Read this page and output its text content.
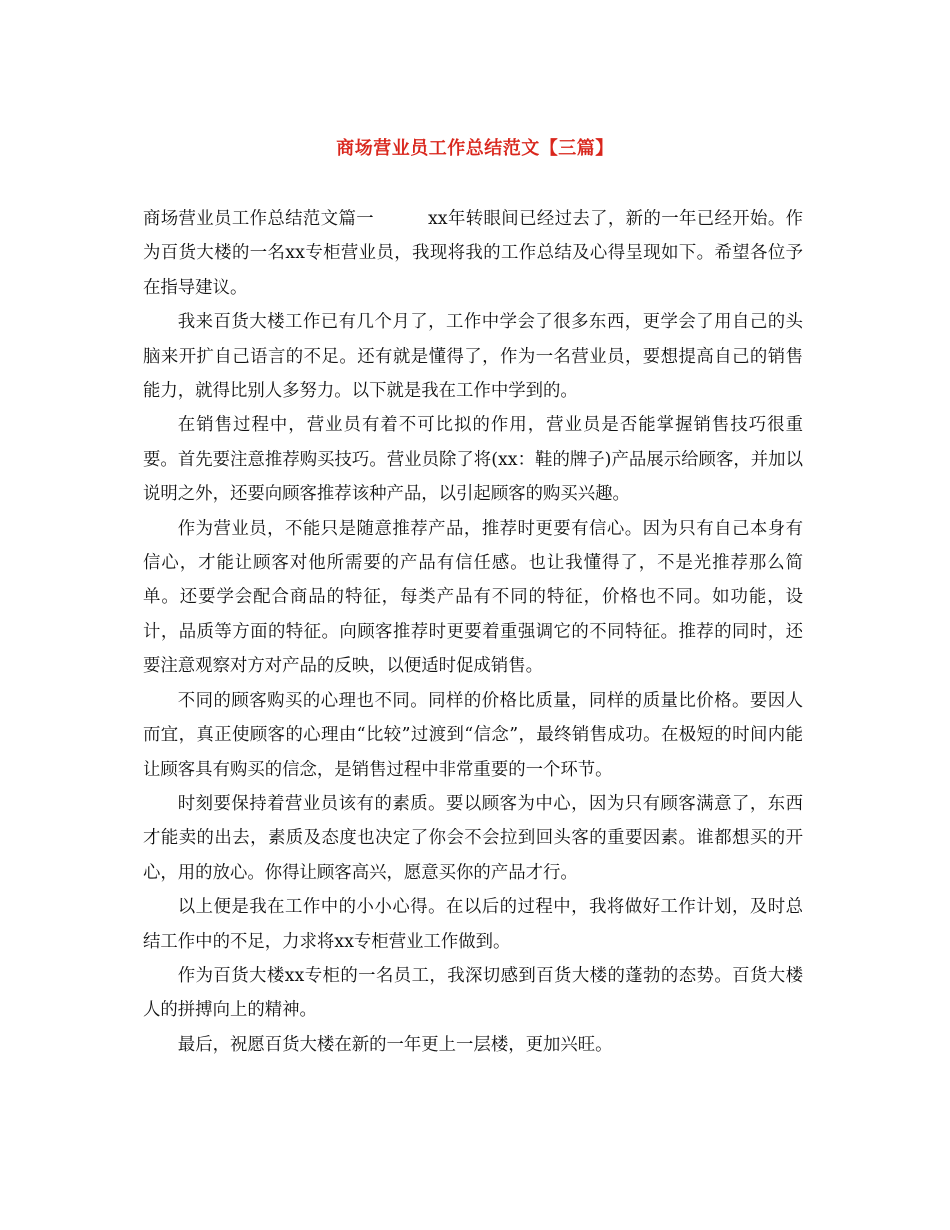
商场营业员工作总结范文【三篇】

商场营业员工作总结范文篇一	xx年转眼间已经过去了，新的一年已经开始。作为百货大楼的一名xx专柜营业员，我现将我的工作总结及心得呈现如下。希望各位予在指导建议。

我来百货大楼工作已有几个月了，工作中学会了很多东西，更学会了用自己的头脑来开扩自己语言的不足。还有就是懂得了，作为一名营业员，要想提高自己的销售能力，就得比别人多努力。以下就是我在工作中学到的。

在销售过程中，营业员有着不可比拟的作用，营业员是否能掌握销售技巧很重要。首先要注意推荐购买技巧。营业员除了将(xx：鞋的牌子)产品展示给顾客，并加以说明之外，还要向顾客推荐该种产品，以引起顾客的购买兴趣。

作为营业员，不能只是随意推荐产品，推荐时更要有信心。因为只有自己本身有信心，才能让顾客对他所需要的产品有信任感。也让我懂得了，不是光推荐那么简单。还要学会配合商品的特征，每类产品有不同的特征，价格也不同。如功能，设计，品质等方面的特征。向顾客推荐时更要着重强调它的不同特征。推荐的同时，还要注意观察对方对产品的反映，以便适时促成销售。

不同的顾客购买的心理也不同。同样的价格比质量，同样的质量比价格。要因人而宜，真正使顾客的心理由“比较”过渡到“信念”，最终销售成功。在极短的时间内能让顾客具有购买的信念，是销售过程中非常重要的一个环节。

时刻要保持着营业员该有的素质。要以顾客为中心，因为只有顾客满意了，东西才能卖的出去，素质及态度也决定了你会不会拉到回头客的重要因素。谁都想买的开心，用的放心。你得让顾客高兴，愿意买你的产品才行。

以上便是我在工作中的小小心得。在以后的过程中，我将做好工作计划，及时总结工作中的不足，力求将xx专柜营业工作做到。

作为百货大楼xx专柜的一名员工，我深切感到百货大楼的蓬勃的态势。百货大楼人的拼搏向上的精神。

最后，祝愿百货大楼在新的一年更上一层楼，更加兴旺。
